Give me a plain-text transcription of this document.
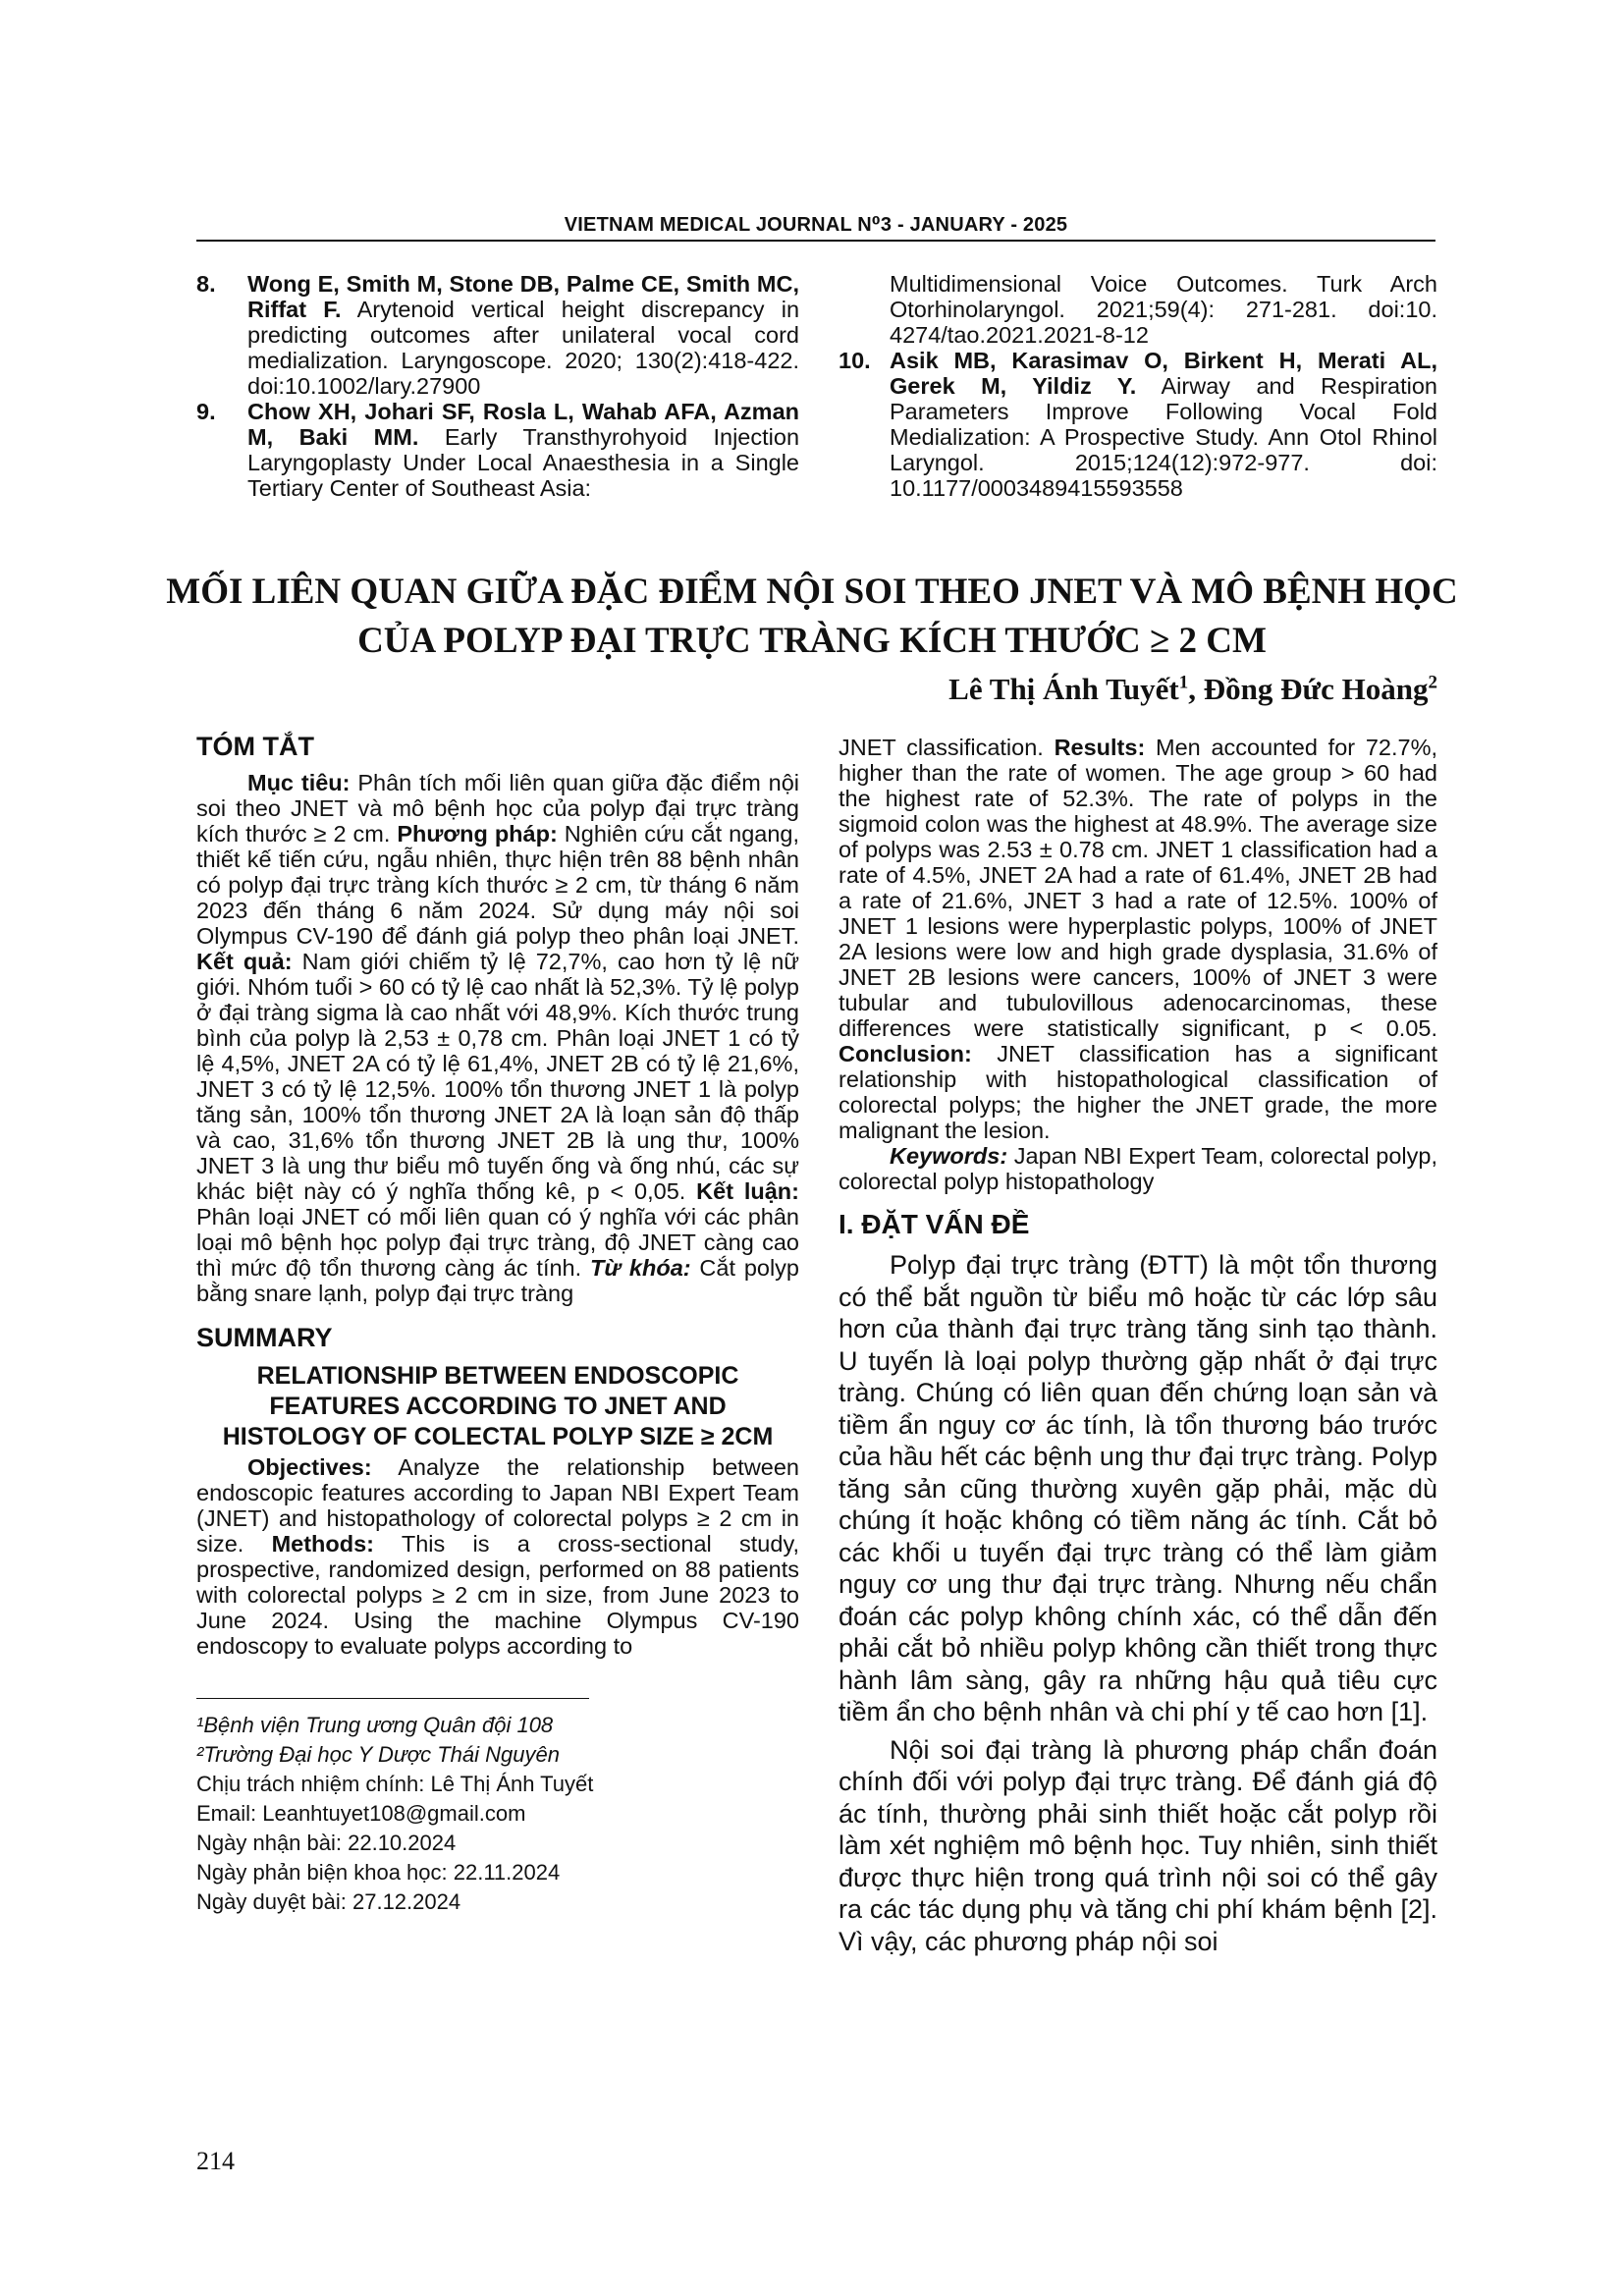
VIETNAM MEDICAL JOURNAL N⁰3 - JANUARY - 2025

8. Wong E, Smith M, Stone DB, Palme CE, Smith MC, Riffat F. Arytenoid vertical height discrepancy in predicting outcomes after unilateral vocal cord medialization. Laryngoscope. 2020; 130(2):418-422. doi:10.1002/lary.27900

9. Chow XH, Johari SF, Rosla L, Wahab AFA, Azman M, Baki MM. Early Transthyrohyoid Injection Laryngoplasty Under Local Anaesthesia in a Single Tertiary Center of Southeast Asia:

Multidimensional Voice Outcomes. Turk Arch Otorhinolaryngol. 2021;59(4): 271-281. doi:10. 4274/tao.2021.2021-8-12

10. Asik MB, Karasimav O, Birkent H, Merati AL, Gerek M, Yildiz Y. Airway and Respiration Parameters Improve Following Vocal Fold Medialization: A Prospective Study. Ann Otol Rhinol Laryngol. 2015;124(12):972-977. doi: 10.1177/0003489415593558

MỐI LIÊN QUAN GIỮA ĐẶC ĐIỂM NỘI SOI THEO JNET VÀ MÔ BỆNH HỌC
CỦA POLYP ĐẠI TRỰC TRÀNG KÍCH THƯỚC ≥ 2 CM
Lê Thị Ánh Tuyết$^1$, Đồng Đức Hoàng$^2$
TÓM TẮT

Mục tiêu: Phân tích mối liên quan giữa đặc điểm nội soi theo JNET và mô bệnh học của polyp đại trực tràng kích thước ≥ 2 cm. Phương pháp: Nghiên cứu cắt ngang, thiết kế tiến cứu, ngẫu nhiên, thực hiện trên 88 bệnh nhân có polyp đại trực tràng kích thước ≥ 2 cm, từ tháng 6 năm 2023 đến tháng 6 năm 2024. Sử dụng máy nội soi Olympus CV-190 để đánh giá polyp theo phân loại JNET. Kết quả: Nam giới chiếm tỷ lệ 72,7%, cao hơn tỷ lệ nữ giới. Nhóm tuổi > 60 có tỷ lệ cao nhất là 52,3%. Tỷ lệ polyp ở đại tràng sigma là cao nhất với 48,9%. Kích thước trung bình của polyp là 2,53 ± 0,78 cm. Phân loại JNET 1 có tỷ lệ 4,5%, JNET 2A có tỷ lệ 61,4%, JNET 2B có tỷ lệ 21,6%, JNET 3 có tỷ lệ 12,5%. 100% tổn thương JNET 1 là polyp tăng sản, 100% tổn thương JNET 2A là loạn sản độ thấp và cao, 31,6% tổn thương JNET 2B là ung thư, 100% JNET 3 là ung thư biểu mô tuyến ống và ống nhú, các sự khác biệt này có ý nghĩa thống kê, p < 0,05. Kết luận: Phân loại JNET có mối liên quan có ý nghĩa với các phân loại mô bệnh học polyp đại trực tràng, độ JNET càng cao thì mức độ tổn thương càng ác tính. Từ khóa: Cắt polyp bằng snare lạnh, polyp đại trực tràng

SUMMARY
RELATIONSHIP BETWEEN ENDOSCOPIC
FEATURES ACCORDING TO JNET AND
HISTOLOGY OF COLECTAL POLYP SIZE ≥ 2CM

Objectives: Analyze the relationship between endoscopic features according to Japan NBI Expert Team (JNET) and histopathology of colorectal polyps ≥ 2 cm in size. Methods: This is a cross-sectional study, prospective, randomized design, performed on 88 patients with colorectal polyps ≥ 2 cm in size, from June 2023 to June 2024. Using the machine Olympus CV-190 endoscopy to evaluate polyps according to

¹Bệnh viện Trung ương Quân đội 108

²Trường Đại học Y Dược Thái Nguyên

Chịu trách nhiệm chính: Lê Thị Ánh Tuyết

Email: Leanhtuyet108@gmail.com

Ngày nhận bài: 22.10.2024

Ngày phản biện khoa học: 22.11.2024

Ngày duyệt bài: 27.12.2024

JNET classification. Results: Men accounted for 72.7%, higher than the rate of women. The age group > 60 had the highest rate of 52.3%. The rate of polyps in the sigmoid colon was the highest at 48.9%. The average size of polyps was 2.53 ± 0.78 cm. JNET 1 classification had a rate of 4.5%, JNET 2A had a rate of 61.4%, JNET 2B had a rate of 21.6%, JNET 3 had a rate of 12.5%. 100% of JNET 1 lesions were hyperplastic polyps, 100% of JNET 2A lesions were low and high grade dysplasia, 31.6% of JNET 2B lesions were cancers, 100% of JNET 3 were tubular and tubulovillous adenocarcinomas, these differences were statistically significant, p < 0.05. Conclusion: JNET classification has a significant relationship with histopathological classification of colorectal polyps; the higher the JNET grade, the more malignant the lesion.

Keywords: Japan NBI Expert Team, colorectal polyp, colorectal polyp histopathology

I. ĐẶT VẤN ĐỀ

Polyp đại trực tràng (ĐTT) là một tổn thương có thể bắt nguồn từ biểu mô hoặc từ các lớp sâu hơn của thành đại trực tràng tăng sinh tạo thành. U tuyến là loại polyp thường gặp nhất ở đại trực tràng. Chúng có liên quan đến chứng loạn sản và tiềm ẩn nguy cơ ác tính, là tổn thương báo trước của hầu hết các bệnh ung thư đại trực tràng. Polyp tăng sản cũng thường xuyên gặp phải, mặc dù chúng ít hoặc không có tiềm năng ác tính. Cắt bỏ các khối u tuyến đại trực tràng có thể làm giảm nguy cơ ung thư đại trực tràng. Nhưng nếu chẩn đoán các polyp không chính xác, có thể dẫn đến phải cắt bỏ nhiều polyp không cần thiết trong thực hành lâm sàng, gây ra những hậu quả tiêu cực tiềm ẩn cho bệnh nhân và chi phí y tế cao hơn [1].

Nội soi đại tràng là phương pháp chẩn đoán chính đối với polyp đại trực tràng. Để đánh giá độ ác tính, thường phải sinh thiết hoặc cắt polyp rồi làm xét nghiệm mô bệnh học. Tuy nhiên, sinh thiết được thực hiện trong quá trình nội soi có thể gây ra các tác dụng phụ và tăng chi phí khám bệnh [2]. Vì vậy, các phương pháp nội soi

214
